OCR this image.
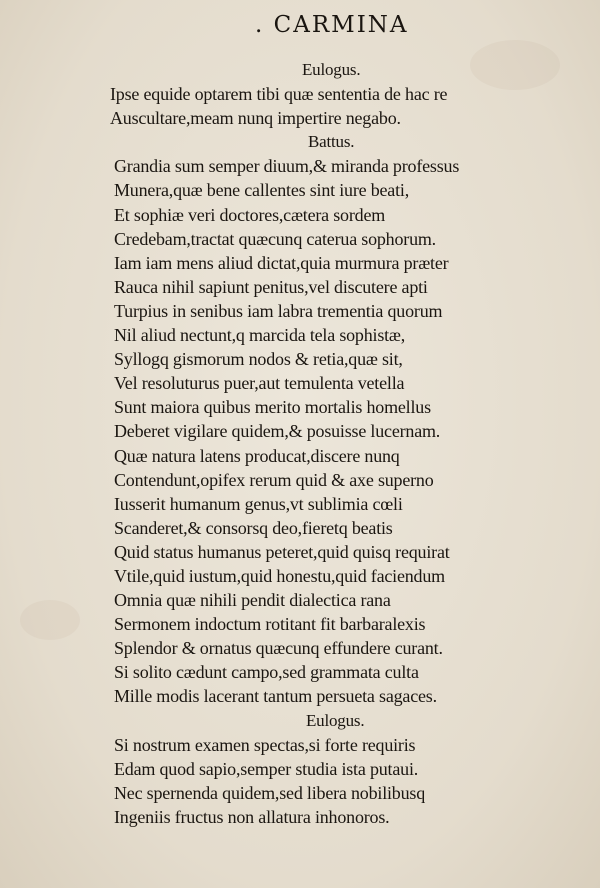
. CARMINA
Eulogus.
Ipse equide optarem tibi quæ sententia de hac re
Auscultare,meam nunq impertire negabo.
Battus.
Grandia sum semper diuum,& miranda professus
Munera,quæ bene callentes sint iure beati,
Et sophiæ veri doctores,cætera sordem
Credebam,tractat quæcunq caterua sophorum.
Iam iam mens aliud dictat,quia murmura præter
Rauca nihil sapiunt penitus,vel discutere apti
Turpius in senibus iam labra trementia quorum
Nil aliud nectunt,q marcida tela sophistæ,
Syllogq gismorum nodos & retia,quæ sit,
Vel resoluturus puer,aut temulenta vetella
Sunt maiora quibus merito mortalis homellus
Deberet vigilare quidem,& posuisse lucernam.
Quæ natura latens producat,discere nunq
Contendunt,opifex rerum quid & axe superno
Iusserit humanum genus,vt sublimia cœli
Scanderet,& consorsq deo,fieretq beatis
Quid status humanus peteret,quid quisq requirat
Vtile,quid iustum,quid honestu,quid faciendum
Omnia quæ nihili pendit dialectica rana
Sermonem indoctum rotitant fit barbaralexis
Splendor & ornatus quæcunq effundere curant.
Si solito cædunt campo,sed grammata culta
Mille modis lacerant tantum persueta sagaces.
Eulogus.
Si nostrum examen spectas,si forte requiris
Edam quod sapio,semper studia ista putaui.
Nec spernenda quidem,sed libera nobilibusq
Ingeniis fructus non allatura inhonoros.
